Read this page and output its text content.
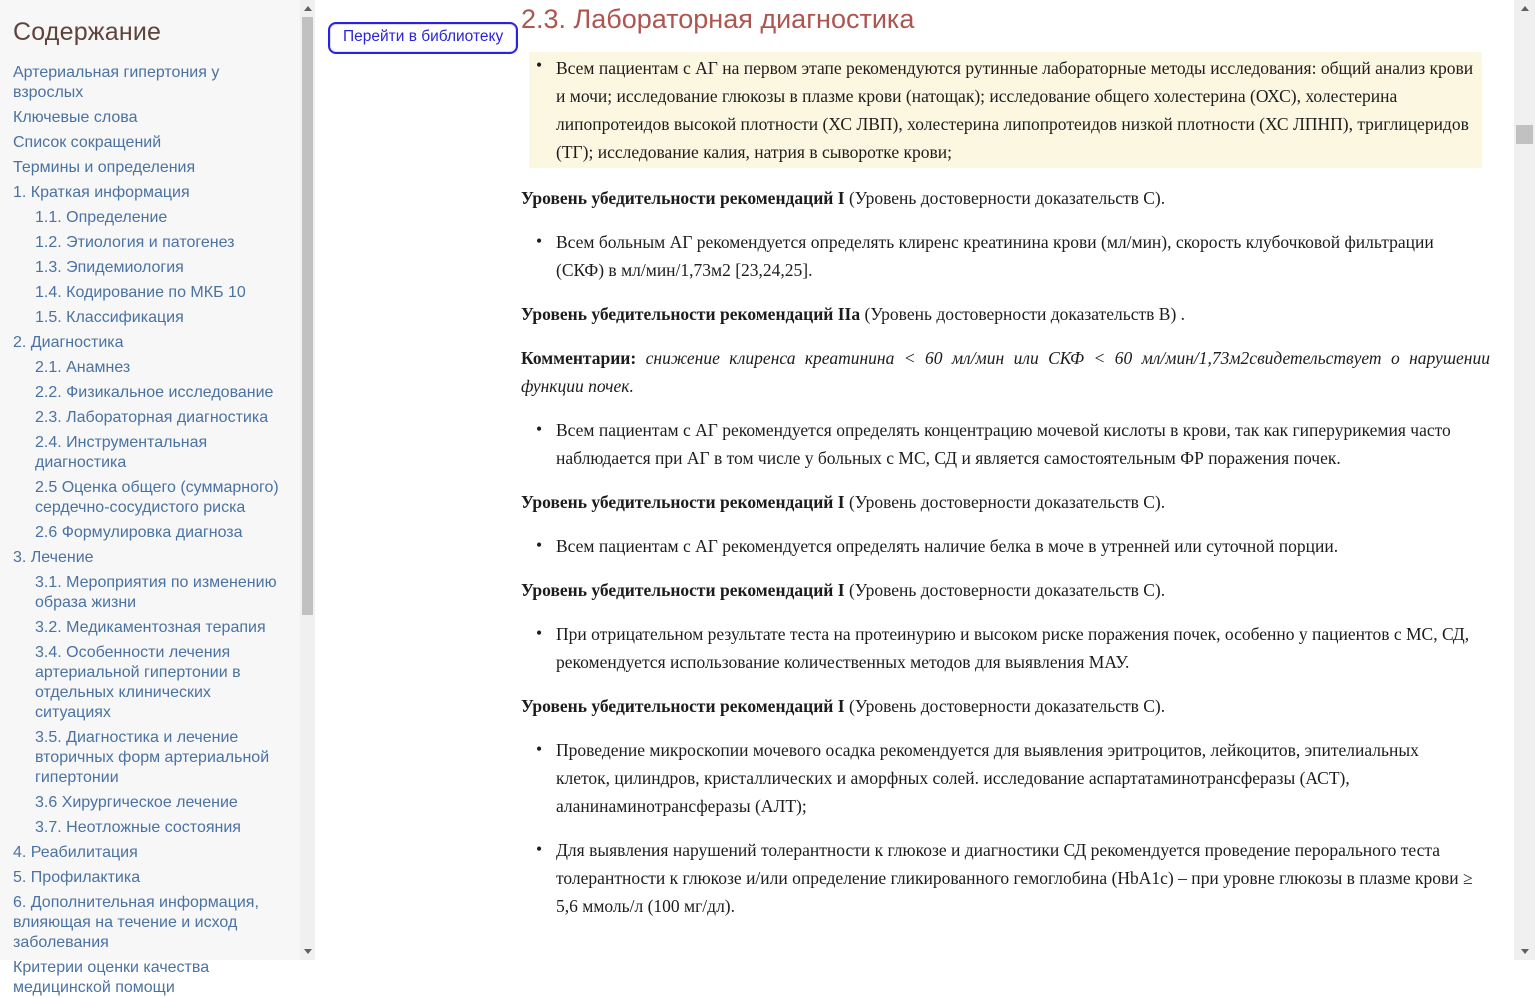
Содержание
Артериальная гипертония у взрослых
Ключевые слова
Список сокращений
Термины и определения
1. Краткая информация
1.1. Определение
1.2. Этиология и патогенез
1.3. Эпидемиология
1.4. Кодирование по МКБ 10
1.5. Классификация
2. Диагностика
2.1. Анамнез
2.2. Физикальное исследование
2.3. Лабораторная диагностика
2.4. Инструментальная диагностика
2.5 Оценка общего (суммарного) сердечно-сосудистого риска
2.6 Формулировка диагноза
3. Лечение
3.1. Мероприятия по изменению образа жизни
3.2. Медикаментозная терапия
3.4. Особенности лечения артериальной гипертонии в отдельных клинических ситуациях
3.5. Диагностика и лечение вторичных форм артериальной гипертонии
3.6 Хирургическое лечение
3.7. Неотложные состояния
4. Реабилитация
5. Профилактика
6. Дополнительная информация, влияющая на течение и исход заболевания
Критерии оценки качества медицинской помощи
Перейти в библиотеку
2.3. Лабораторная диагностика
• Всем пациентам с АГ на первом этапе рекомендуются рутинные лабораторные методы исследования: общий анализ крови и мочи; исследование глюкозы в плазме крови (натощак); исследование общего холестерина (ОХС), холестерина липопротеидов высокой плотности (ХС ЛВП), холестерина липопротеидов низкой плотности (ХС ЛПНП), триглицеридов (ТГ); исследование калия, натрия в сыворотке крови;

Уровень убедительности рекомендаций I (Уровень достоверности доказательств С).

• Всем больным АГ рекомендуется определять клиренс креатинина крови (мл/мин), скорость клубочковой фильтрации (СКФ) в мл/мин/1,73м2 [23,24,25].

Уровень убедительности рекомендаций IIa (Уровень достоверности доказательств В) .

Комментарии: снижение клиренса креатинина < 60 мл/мин или СКФ < 60 мл/мин/1,73м2свидетельствует о нарушении функции почек.

• Всем пациентам с АГ рекомендуется определять концентрацию мочевой кислоты в крови, так как гиперурикемия часто наблюдается при АГ в том числе у больных с МС, СД и является самостоятельным ФР поражения почек.

Уровень убедительности рекомендаций I (Уровень достоверности доказательств С).

• Всем пациентам с АГ рекомендуется определять наличие белка в моче в утренней или суточной порции.

Уровень убедительности рекомендаций I (Уровень достоверности доказательств С).

• При отрицательном результате теста на протеинурию и высоком риске поражения почек, особенно у пациентов с МС, СД, рекомендуется использование количественных методов для выявления МАУ.

Уровень убедительности рекомендаций I (Уровень достоверности доказательств С).

• Проведение микроскопии мочевого осадка рекомендуется для выявления эритроцитов, лейкоцитов, эпителиальных клеток, цилиндров, кристаллических и аморфных солей. исследование аспартатаминотрансферазы (АСТ), аланинаминотрансферазы (АЛТ);
• Для выявления нарушений толерантности к глюкозе и диагностики СД рекомендуется проведение перорального теста толерантности к глюкозе и/или определение гликированного гемоглобина (HbA1c) – при уровне глюкозы в плазме крови ≥ 5,6 ммоль/л (100 мг/дл).
